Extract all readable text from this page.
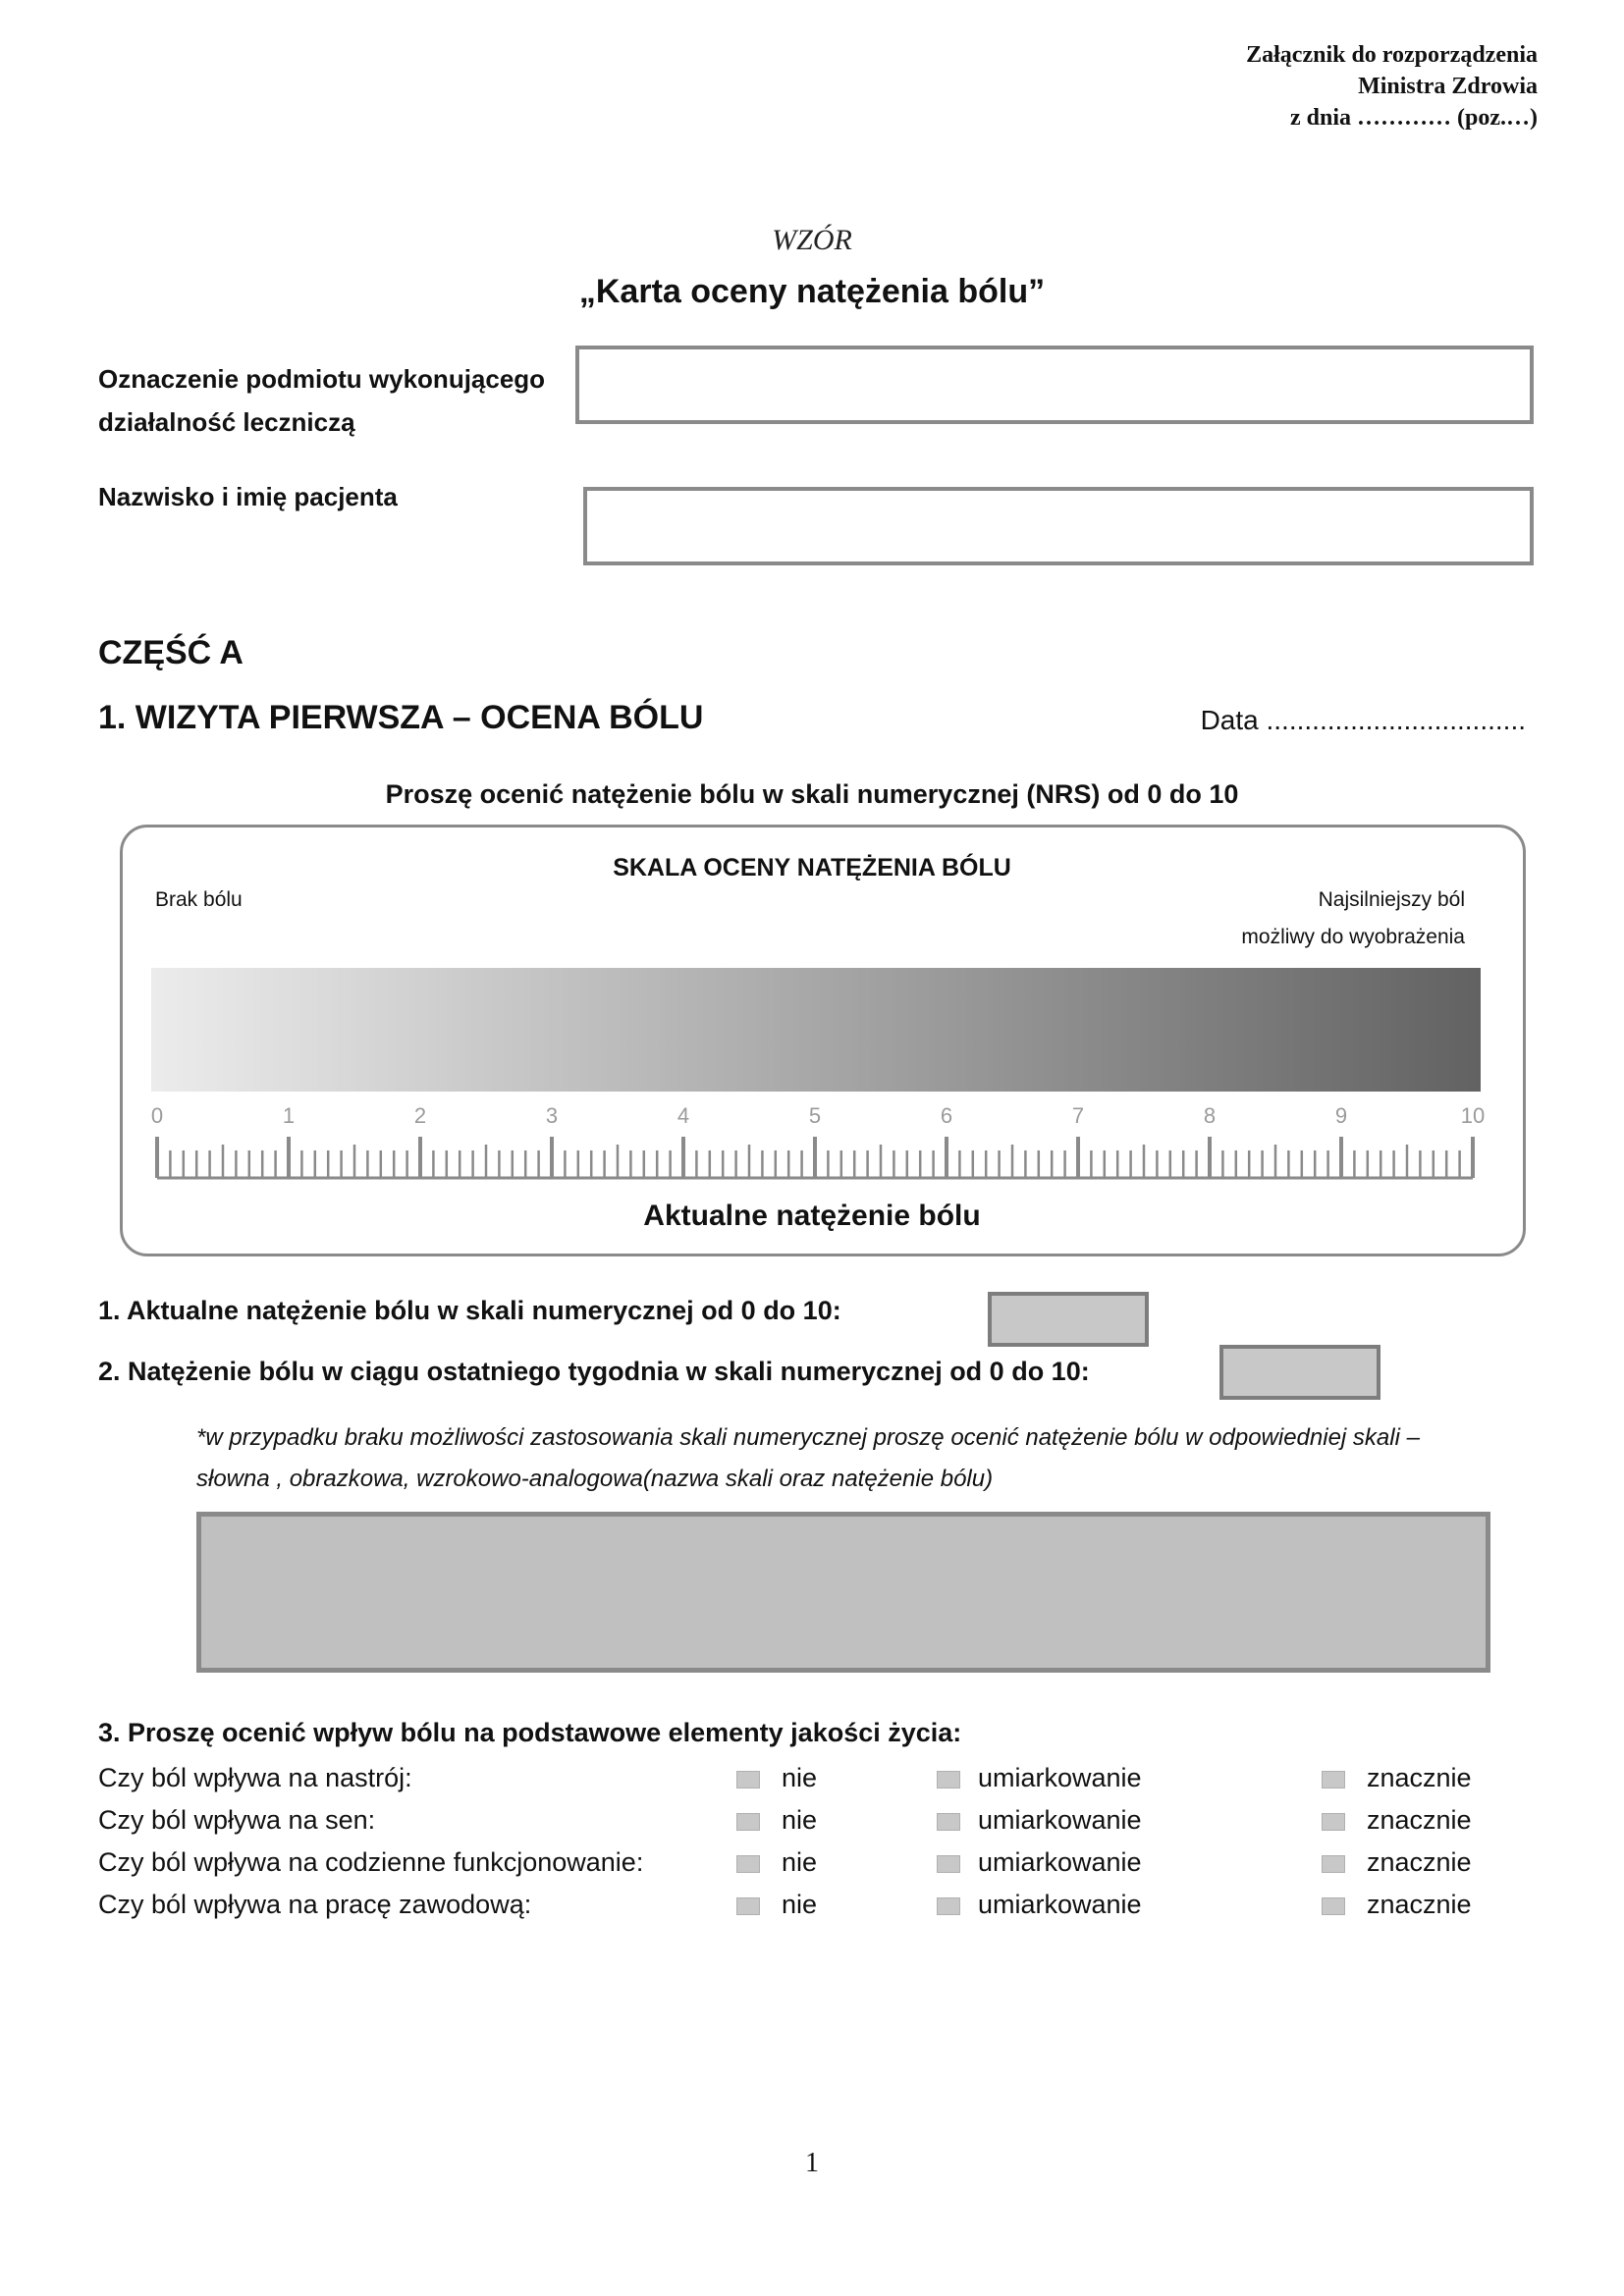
Załącznik do rozporządzenia
Ministra Zdrowia
z dnia ………… (poz.…)
WZÓR
„Karta oceny natężenia bólu”
Oznaczenie podmiotu wykonującego
działalność leczniczą
Nazwisko i imię pacjenta
CZĘŚĆ A
1. WIZYTA PIERWSZA – OCENA BÓLU	Data ..................................
Proszę ocenić natężenie bólu w skali numerycznej (NRS) od 0 do 10
SKALA OCENY NATĘŻENIA BÓLU
Brak bólu	Najsilniejszy ból
możliwy do wyobrażenia
0	1	2	3	4	5	6	7	8	9	10
Aktualne natężenie bólu
1. Aktualne natężenie bólu w skali numerycznej od 0 do 10:
2. Natężenie bólu w ciągu ostatniego tygodnia w skali numerycznej od 0 do 10:
*w przypadku braku możliwości zastosowania skali numerycznej proszę ocenić natężenie bólu w odpowiedniej skali –
słowna , obrazkowa, wzrokowo-analogowa(nazwa skali oraz natężenie bólu)
3. Proszę ocenić wpływ bólu na podstawowe elementy jakości życia:
Czy ból wpływa na nastrój:	nie	umiarkowanie	znacznie
Czy ból wpływa na sen:	nie	umiarkowanie	znacznie
Czy ból wpływa na codzienne funkcjonowanie:	nie	umiarkowanie	znacznie
Czy ból wpływa na pracę zawodową:	nie	umiarkowanie	znacznie
1
